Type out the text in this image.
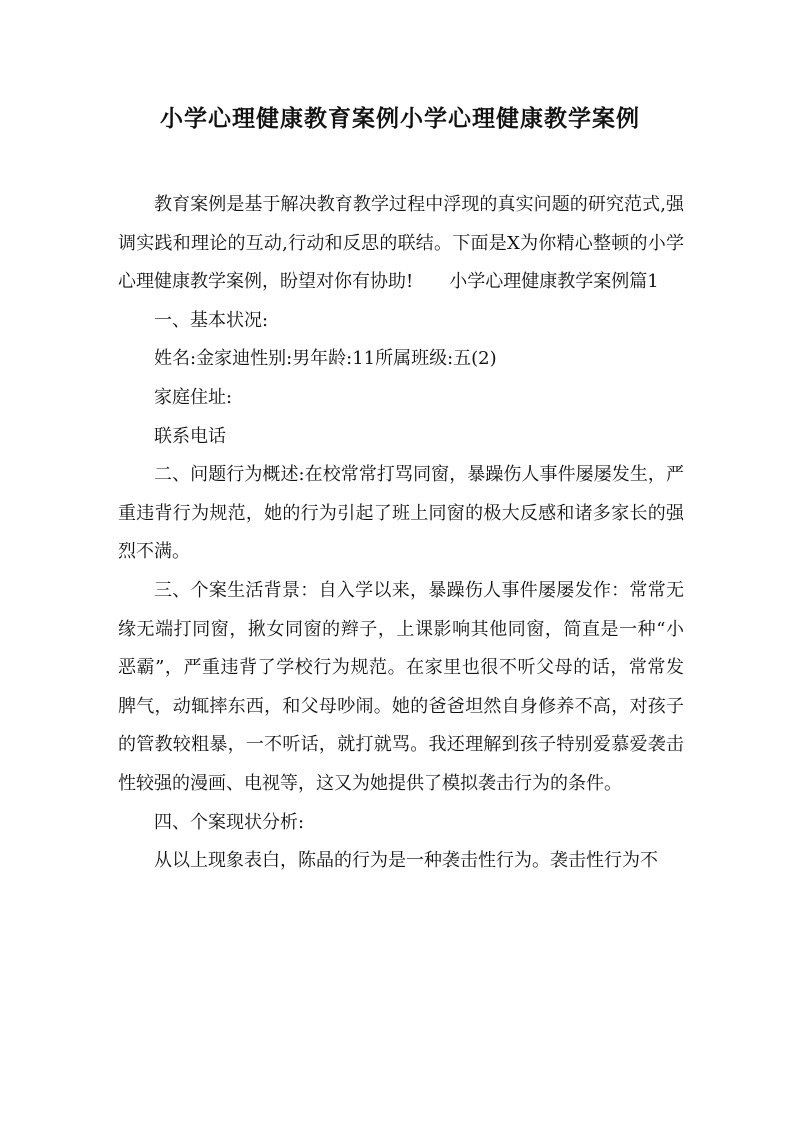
小学心理健康教育案例小学心理健康教学案例

教育案例是基于解决教育教学过程中浮现的真实问题的研究范式,强调实践和理论的互动,行动和反思的联结。下面是X为你精心整顿的小学心理健康教学案例，盼望对你有协助!　　小学心理健康教学案例篇1

一、基本状况:

姓名:金家迪性别:男年龄:11所属班级:五(2)

家庭住址:

联系电话

二、问题行为概述:在校常常打骂同窗，暴躁伤人事件屡屡发生，严重违背行为规范，她的行为引起了班上同窗的极大反感和诸多家长的强烈不满。

三、个案生活背景：自入学以来，暴躁伤人事件屡屡发作：常常无缘无端打同窗，揪女同窗的辫子，上课影响其他同窗，简直是一种“小恶霸”，严重违背了学校行为规范。在家里也很不听父母的话，常常发脾气，动辄摔东西，和父母吵闹。她的爸爸坦然自身修养不高，对孩子的管教较粗暴，一不听话，就打就骂。我还理解到孩子特别爱慕爱袭击性较强的漫画、电视等，这又为她提供了模拟袭击行为的条件。

四、个案现状分析:

从以上现象表白，陈晶的行为是一种袭击性行为。袭击性行为不
